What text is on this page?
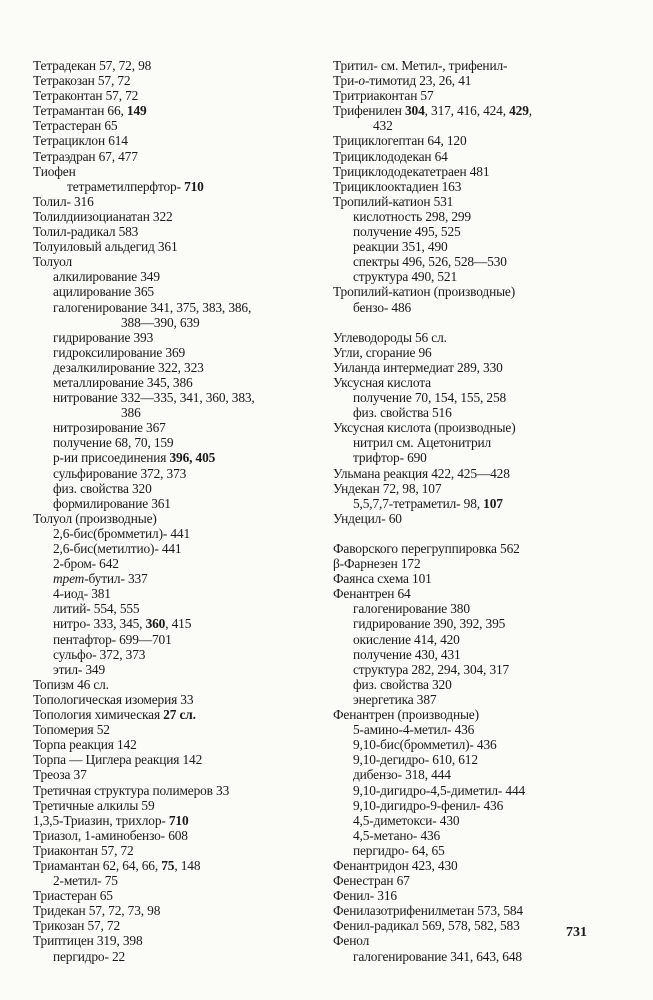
Тетрадекан 57, 72, 98
Тетракозан 57, 72
Тетраконтан 57, 72
Тетрамантан 66, 149
Тетрастеран 65
Тетрациклон 614
Тетраэдран 67, 477
Тиофен
тетраметилперфтор- 710
Толил- 316
Толилдиизоцианатан 322
Толил-радикал 583
Толуиловый альдегид 361
Толуол
алкилирование 349
ацилирование 365
галогенирование 341, 375, 383, 386,
388—390, 639
гидрирование 393
гидроксилирование 369
дезалкилирование 322, 323
металлирование 345, 386
нитрование 332—335, 341, 360, 383,
386
нитрозирование 367
получение 68, 70, 159
р-ии присоединения 396, 405
сульфирование 372, 373
физ. свойства 320
формилирование 361
Толуол (производные)
2,6-бис(бромметил)- 441
2,6-бис(метилтио)- 441
2-бром- 642
трет-бутил- 337
4-иод- 381
литий- 554, 555
нитро- 333, 345, 360, 415
пентафтор- 699—701
сульфо- 372, 373
этил- 349
Топизм 46 сл.
Топологическая изомерия 33
Топология химическая 27 сл.
Топомерия 52
Торпа реакция 142
Торпа — Циглера реакция 142
Треоза 37
Третичная структура полимеров 33
Третичные алкилы 59
1,3,5-Триазин, трихлор- 710
Триазол, 1-аминобензо- 608
Триаконтан 57, 72
Триамантан 62, 64, 66, 75, 148
2-метил- 75
Триастеран 65
Тридекан 57, 72, 73, 98
Трикозан 57, 72
Триптицен 319, 398
пергидро- 22
Тритил- см. Метил-, трифенил-
Три-о-тимотид 23, 26, 41
Тритриаконтан 57
Трифенилен 304, 317, 416, 424, 429,
432
Трициклогептан 64, 120
Трициклододекан 64
Трициклододекатетраен 481
Трициклооктадиен 163
Тропилий-катион 531
кислотность 298, 299
получение 495, 525
реакции 351, 490
спектры 496, 526, 528—530
структура 490, 521
Тропилий-катион (производные)
бензо- 486
Углеводороды 56 сл.
Угли, сгорание 96
Уиланда интермедиат 289, 330
Уксусная кислота
получение 70, 154, 155, 258
физ. свойства 516
Уксусная кислота (производные)
нитрил см. Ацетонитрил
трифтор- 690
Ульмана реакция 422, 425—428
Ундекан 72, 98, 107
5,5,7,7-тетраметил- 98, 107
Ундецил- 60
Фаворского перегруппировка 562
β-Фарнезен 172
Фаянса схема 101
Фенантрен 64
галогенирование 380
гидрирование 390, 392, 395
окисление 414, 420
получение 430, 431
структура 282, 294, 304, 317
физ. свойства 320
энергетика 387
Фенантрен (производные)
5-амино-4-метил- 436
9,10-бис(бромметил)- 436
9,10-дегидро- 610, 612
дибензо- 318, 444
9,10-дигидро-4,5-диметил- 444
9,10-дигидро-9-фенил- 436
4,5-диметокси- 430
4,5-метано- 436
пергидро- 64, 65
Фенантридон 423, 430
Фенестран 67
Фенил- 316
Фенилазотрифенилметан 573, 584
Фенил-радикал 569, 578, 582, 583
Фенол
галогенирование 341, 643, 648
731
